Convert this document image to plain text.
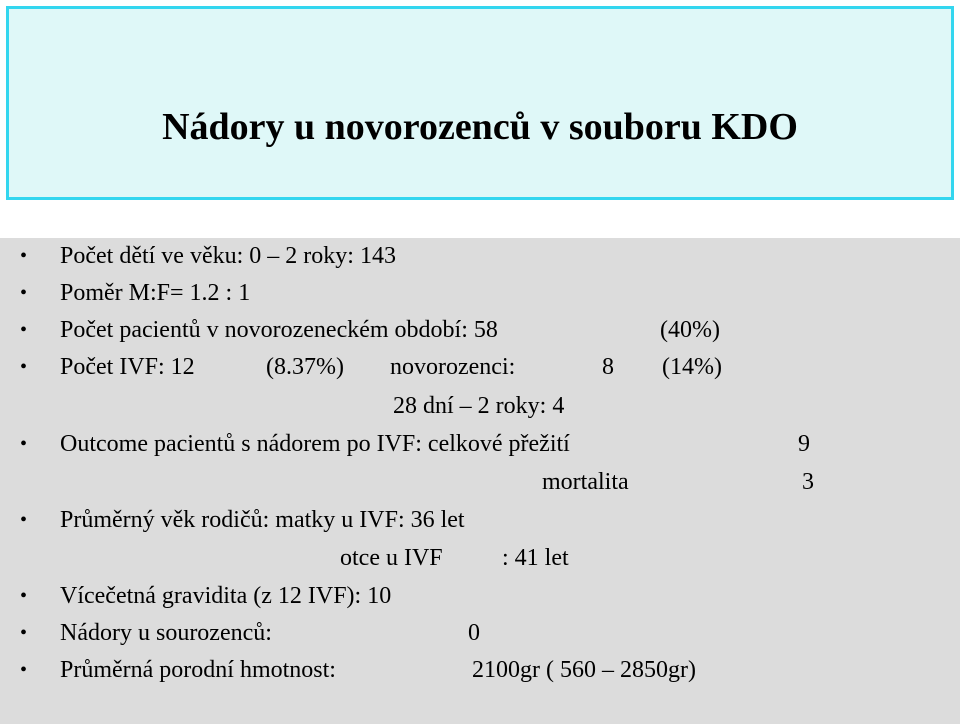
Nádory u novorozenců v souboru KDO
•
Počet dětí ve věku: 0 – 2 roky: 143
•
Poměr M:F= 1.2 : 1
•
Počet pacientů v novorozeneckém období: 58	(40%)
•
Počet IVF: 12	(8.37%) novorozenci:	8 (14%)
28 dní – 2 roky: 4
•
Outcome pacientů s nádorem po IVF: celkové přežití	9
mortalita	3
•
Průměrný věk rodičů: matky u IVF: 36 let
otce u IVF : 41 let
•
Vícečetná gravidita (z 12 IVF): 10
•
Nádory u sourozenců:	0
•
Průměrná porodní hmotnost:	2100gr ( 560 – 2850gr)
